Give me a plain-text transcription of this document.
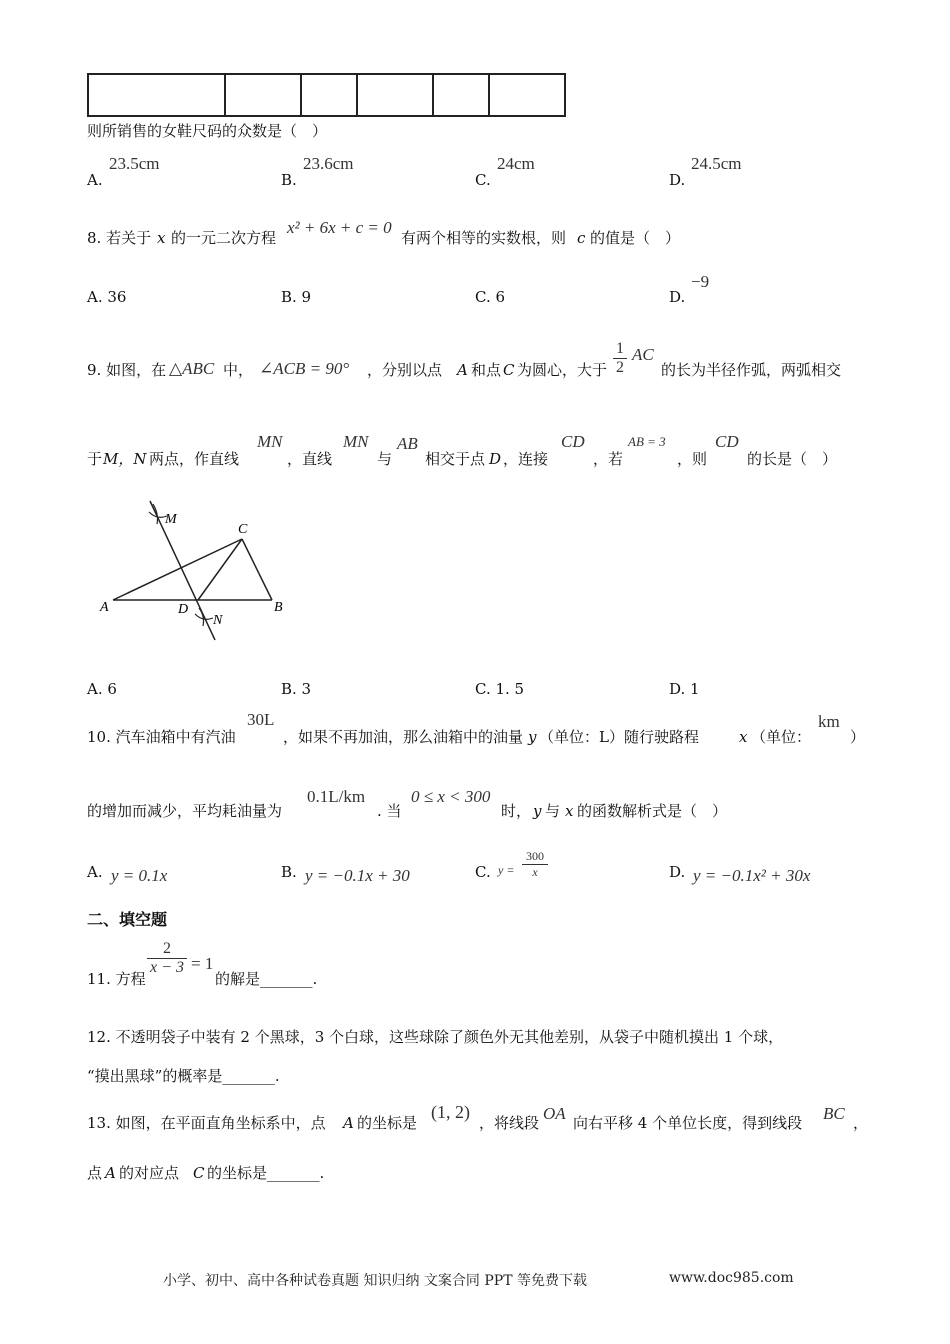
则所销售的女鞋尺码的众数是（　）
A.
23.5cm
B.
23.6cm
C.
24cm
D.
24.5cm
8. 若关于 x 的一元二次方程
x² + 6x + c = 0
有两个相等的实数根，则 c 的值是（　）
A. 36	B. 9	C. 6	D.
−9
9. 如图，在 △ABC 中， ∠ACB = 90° ，分别以点 A 和点 C 为圆心，大于
1
2
AC
的长为半径作弧，两弧相交
于 M，N 两点，作直线
MN
，直线
MN
与
AB
相交于点 D ，连接
CD
，若
AB = 3
，则
CD
的长是（　）
M
C
A	D	B
N
A. 6	B. 3	C. 1. 5	D. 1
10. 汽车油箱中有汽油
30L
，如果不再加油，那么油箱中的油量 y （单位：L）随行驶路程	x （单位：
km
）
的增加而减少，平均耗油量为
0.1L/km
. 当
0 ≤ x < 300
时， y 与 x 的函数解析式是（　）
A. y = 0.1x	B. y = −0.1x + 30	C. y =
300
x	D. y = −0.1x² + 30x
二、填空题
11. 方程
2
x − 3 = 1
的解是_______.
12. 不透明袋子中装有 2 个黑球，3 个白球，这些球除了颜色外无其他差别，从袋子中随机摸出 1 个球，
“摸出黑球”的概率是_______.
13. 如图，在平面直角坐标系中，点 A 的坐标是
(1, 2)
，将线段 OA 向右平移 4 个单位长度，得到线段 BC ，
点 A 的对应点 C 的坐标是_______.
小学、初中、高中各种试卷真题 知识归纳 文案合同 PPT 等免费下载	www.doc985.com
